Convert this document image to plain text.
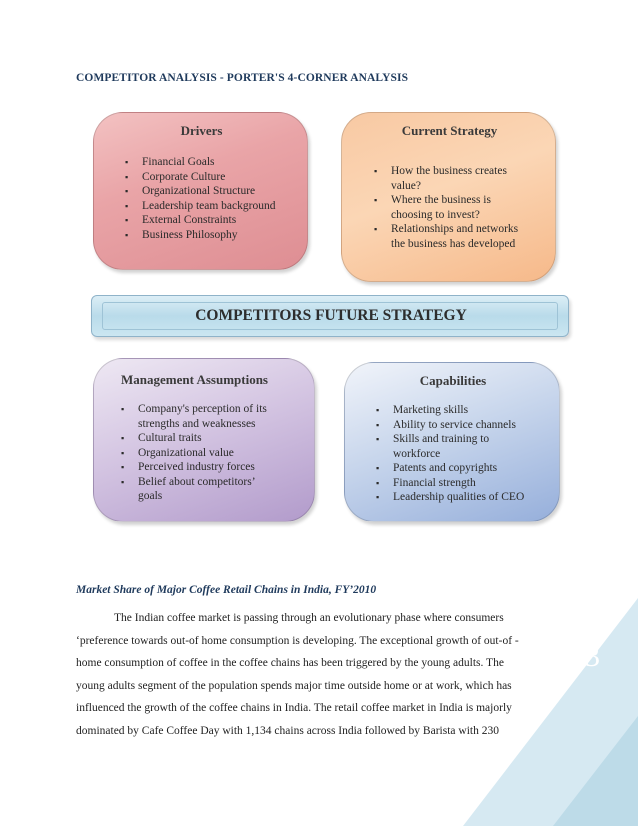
COMPETITOR ANALYSIS - PORTER'S 4-CORNER ANALYSIS
Drivers
▪ Financial Goals
▪ Corporate Culture
▪ Organizational Structure
▪ Leadership team background
▪ External Constraints
▪ Business Philosophy
Current Strategy
▪ How the business creates
value?
▪ Where the business is
choosing to invest?
▪ Relationships and networks
the business has developed
COMPETITORS FUTURE STRATEGY
Management Assumptions
▪ Company's perception of its
strengths and weaknesses
▪ Cultural traits
▪ Organizational value
▪ Perceived industry forces
▪ Belief about competitors’
goals
Capabilities
▪ Marketing skills
▪ Ability to service channels
▪ Skills and training to
workforce
▪ Patents and copyrights
▪ Financial strength
▪ Leadership qualities of CEO
Market Share of Major Coffee Retail Chains in India, FY’2010
The Indian coffee market is passing through an evolutionary phase where consumers
‘preference towards out-of home consumption is developing. The exceptional growth of out-of -
home consumption of coffee in the coffee chains has been triggered by the young adults. The
young adults segment of the population spends major time outside home or at work, which has
influenced the growth of the coffee chains in India. The retail coffee market in India is majorly
dominated by Cafe Coffee Day with 1,134 chains across India followed by Barista with 230
23
